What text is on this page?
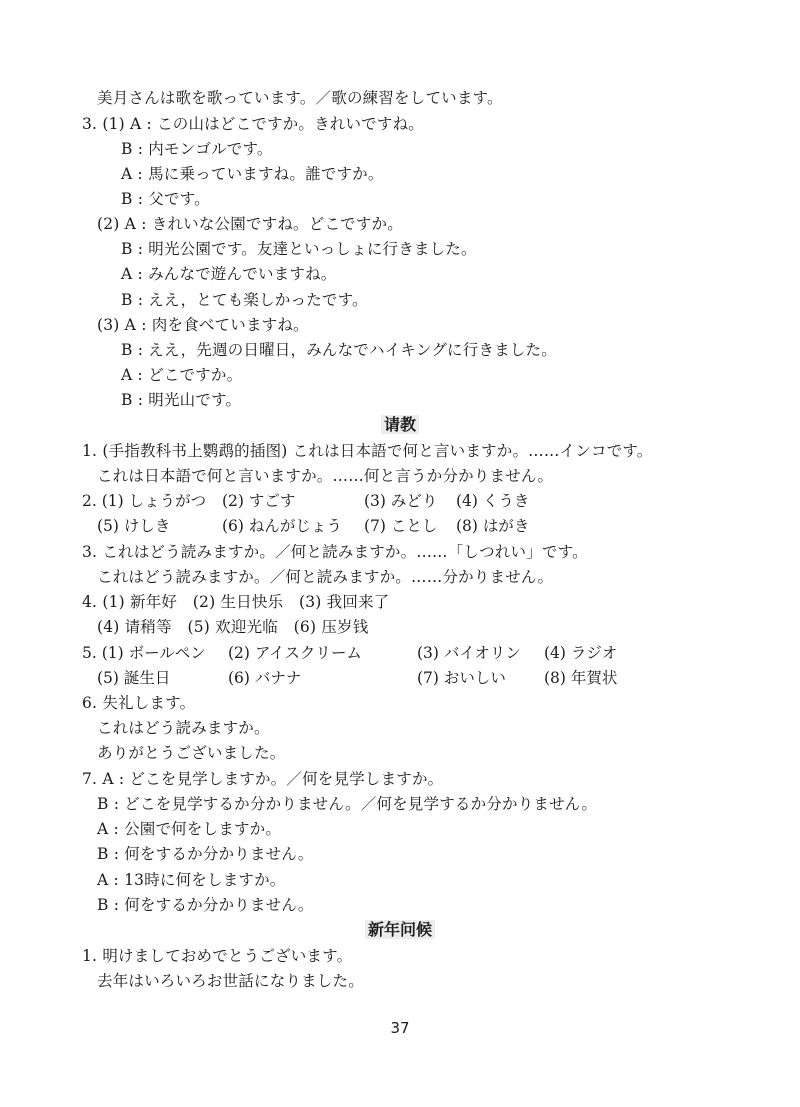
美月さんは歌を歌っています。／歌の練習をしています。
3. (1) A : この山はどこですか。きれいですね。
B : 内モンゴルです。
A : 馬に乗っていますね。誰ですか。
B : 父です。
(2) A : きれいな公園ですね。どこですか。
B : 明光公園です。友達といっしょに行きました。
A : みんなで遊んでいますね。
B : ええ，とても楽しかったです。
(3) A : 肉を食べていますね。
B : ええ，先週の日曜日，みんなでハイキングに行きました。
A : どこですか。
B : 明光山です。
请教
1. (手指教科书上鹦鹉的插图) これは日本語で何と言いますか。……インコです。
これは日本語で何と言いますか。……何と言うか分かりません。
2. (1) しょうがつ (2) すごす	(3) みどり (4) くうき
(5) けしき	(6) ねんがじょう (7) ことし (8) はがき
3. これはどう読みますか。／何と読みますか。……「しつれい」です。
これはどう読みますか。／何と読みますか。……分かりません。
4. (1) 新年好　(2) 生日快乐　(3) 我回来了
(4) 请稍等　(5) 欢迎光临　(6) 压岁钱
5. (1) ボールペン (2) アイスクリーム	(3) バイオリン (4) ラジオ
(5) 誕生日	(6) バナナ	(7) おいしい (8) 年賀状
6. 失礼します。
これはどう読みますか。
ありがとうございました。
7. A : どこを見学しますか。／何を見学しますか。
B : どこを見学するか分かりません。／何を見学するか分かりません。
A : 公園で何をしますか。
B : 何をするか分かりません。
A : 13時に何をしますか。
B : 何をするか分かりません。
新年问候
1. 明けましておめでとうございます。
去年はいろいろお世話になりました。
37
